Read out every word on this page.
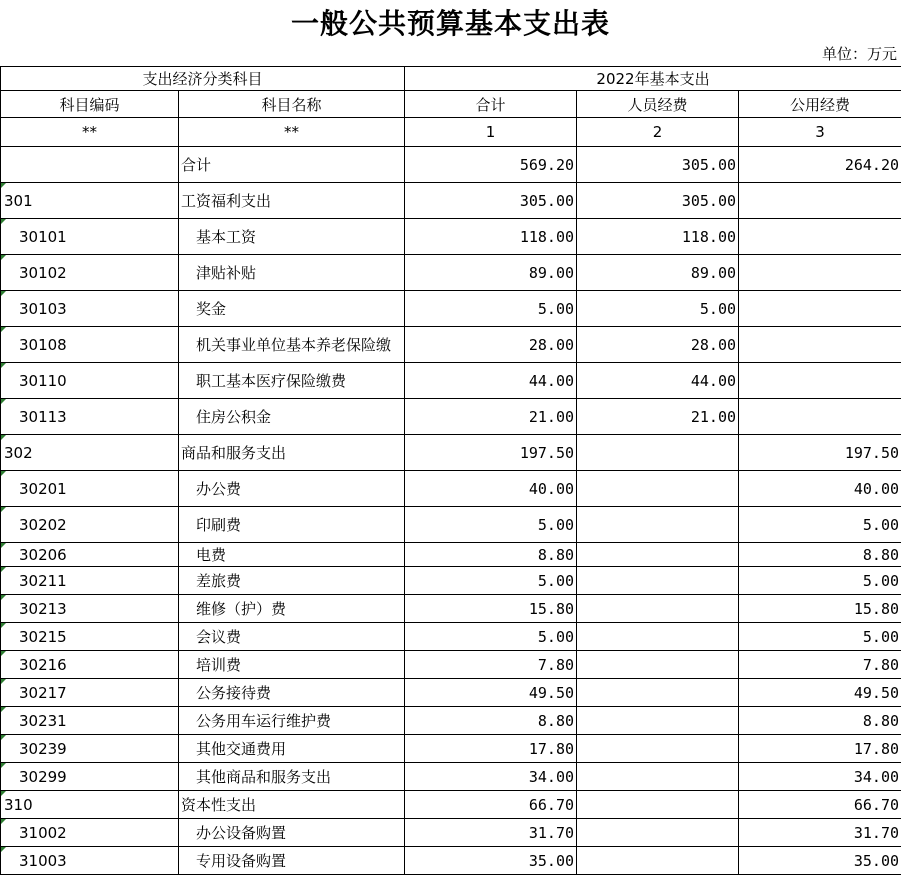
一般公共预算基本支出表
单位：万元
支出经济分类科目		2022年基本支出		
科目编码	科目名称	合计	人员经费	公用经费
**	**	1	2	3
	合计	569.20	305.00	264.20
301	工资福利支出	305.00	305.00	
30101	基本工资	118.00	118.00	
30102	津贴补贴	89.00	89.00	
30103	奖金	5.00	5.00	
30108	机关事业单位基本养老保险缴	28.00	28.00	
30110	职工基本医疗保险缴费	44.00	44.00	
30113	住房公积金	21.00	21.00	
302	商品和服务支出	197.50		197.50
30201	办公费	40.00		40.00
30202	印刷费	5.00		5.00
30206	电费	8.80		8.80
30211	差旅费	5.00		5.00
30213	维修（护）费	15.80		15.80
30215	会议费	5.00		5.00
30216	培训费	7.80		7.80
30217	公务接待费	49.50		49.50
30231	公务用车运行维护费	8.80		8.80
30239	其他交通费用	17.80		17.80
30299	其他商品和服务支出	34.00		34.00
310	资本性支出	66.70		66.70
31002	办公设备购置	31.70		31.70
31003	专用设备购置	35.00		35.00
